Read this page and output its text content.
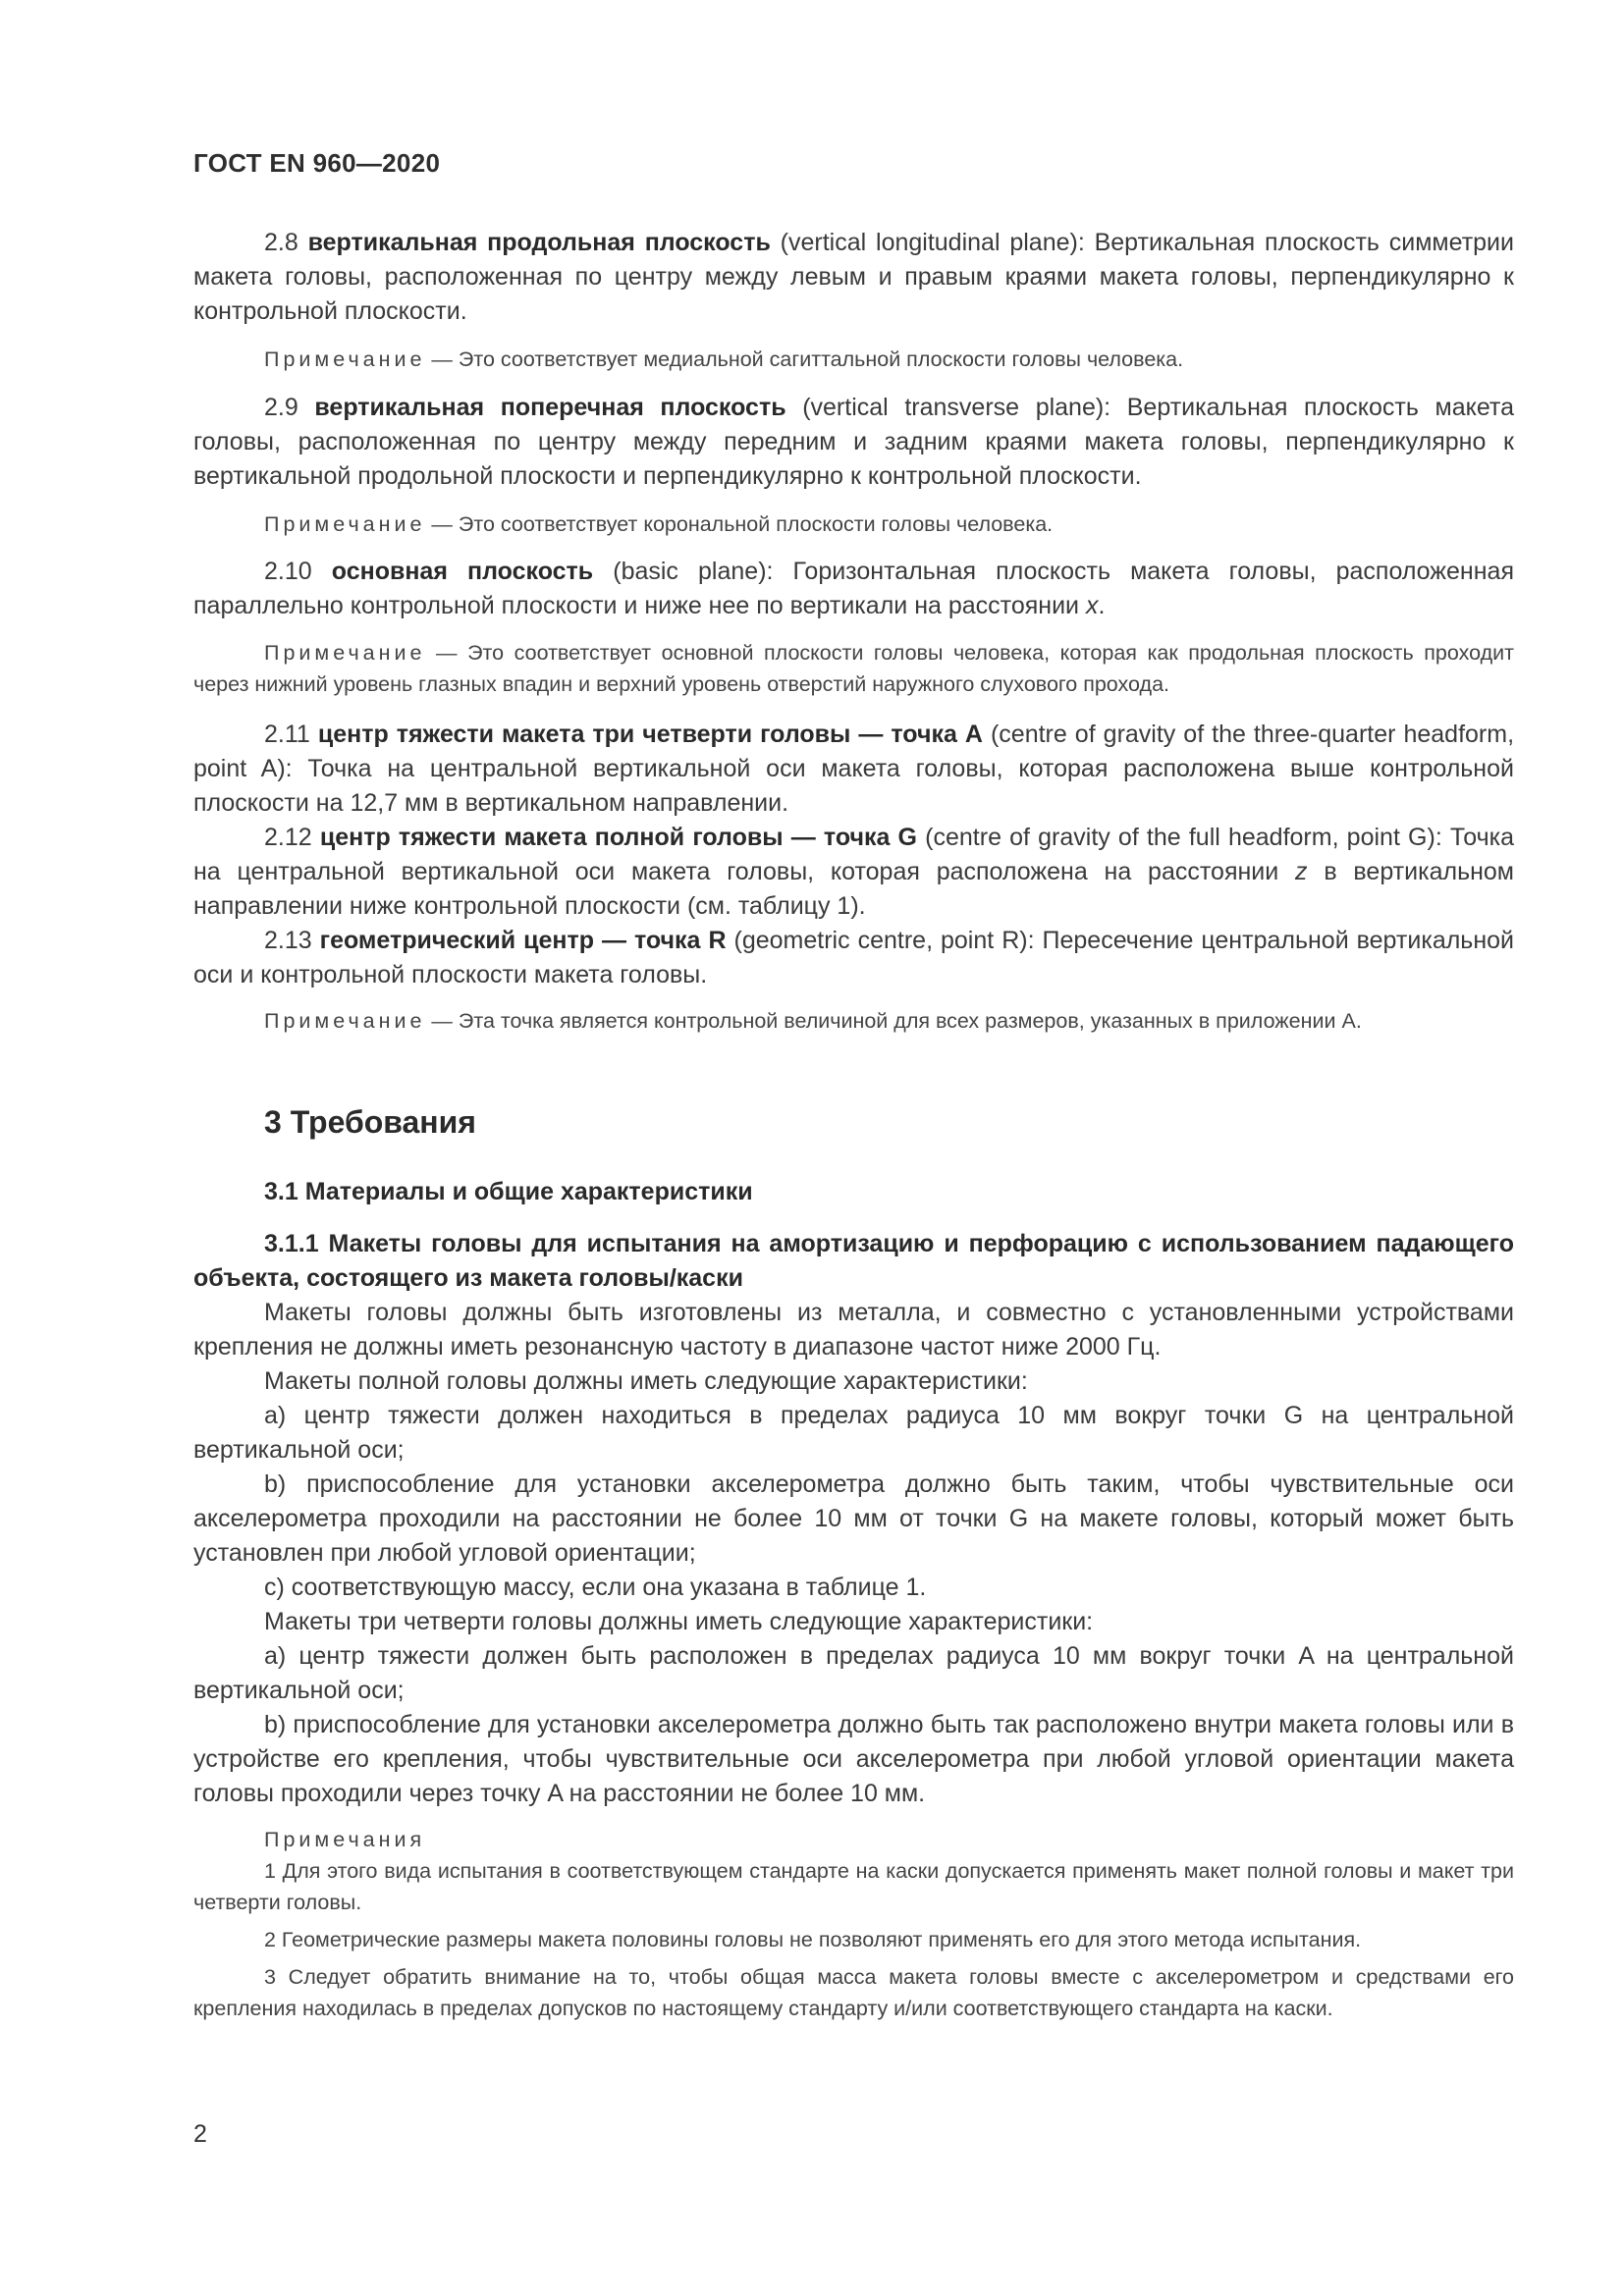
ГОСТ EN 960—2020

2.8 вертикальная продольная плоскость (vertical longitudinal plane): Вертикальная плоскость симметрии макета головы, расположенная по центру между левым и правым краями макета головы, перпендикулярно к контрольной плоскости.

Примечание — Это соответствует медиальной сагиттальной плоскости головы человека.

2.9 вертикальная поперечная плоскость (vertical transverse plane): Вертикальная плоскость макета головы, расположенная по центру между передним и задним краями макета головы, перпендикулярно к вертикальной продольной плоскости и перпендикулярно к контрольной плоскости.

Примечание — Это соответствует корональной плоскости головы человека.

2.10 основная плоскость (basic plane): Горизонтальная плоскость макета головы, расположенная параллельно контрольной плоскости и ниже нее по вертикали на расстоянии x.

Примечание — Это соответствует основной плоскости головы человека, которая как продольная плоскость проходит через нижний уровень глазных впадин и верхний уровень отверстий наружного слухового прохода.

2.11 центр тяжести макета три четверти головы — точка A (centre of gravity of the three-quarter headform, point A): Точка на центральной вертикальной оси макета головы, которая расположена выше контрольной плоскости на 12,7 мм в вертикальном направлении.

2.12 центр тяжести макета полной головы — точка G (centre of gravity of the full headform, point G): Точка на центральной вертикальной оси макета головы, которая расположена на расстоянии z в вертикальном направлении ниже контрольной плоскости (см. таблицу 1).

2.13 геометрический центр — точка R (geometric centre, point R): Пересечение центральной вертикальной оси и контрольной плоскости макета головы.

Примечание — Эта точка является контрольной величиной для всех размеров, указанных в приложении A.

3 Требования

3.1 Материалы и общие характеристики

3.1.1 Макеты головы для испытания на амортизацию и перфорацию с использованием падающего объекта, состоящего из макета головы/каски

Макеты головы должны быть изготовлены из металла, и совместно с установленными устройствами крепления не должны иметь резонансную частоту в диапазоне частот ниже 2000 Гц.

Макеты полной головы должны иметь следующие характеристики:

a) центр тяжести должен находиться в пределах радиуса 10 мм вокруг точки G на центральной вертикальной оси;

b) приспособление для установки акселерометра должно быть таким, чтобы чувствительные оси акселерометра проходили на расстоянии не более 10 мм от точки G на макете головы, который может быть установлен при любой угловой ориентации;

c) соответствующую массу, если она указана в таблице 1.

Макеты три четверти головы должны иметь следующие характеристики:

a) центр тяжести должен быть расположен в пределах радиуса 10 мм вокруг точки A на центральной вертикальной оси;

b) приспособление для установки акселерометра должно быть так расположено внутри макета головы или в устройстве его крепления, чтобы чувствительные оси акселерометра при любой угловой ориентации макета головы проходили через точку A на расстоянии не более 10 мм.

Примечания

1 Для этого вида испытания в соответствующем стандарте на каски допускается применять макет полной головы и макет три четверти головы.

2 Геометрические размеры макета половины головы не позволяют применять его для этого метода испытания.

3 Следует обратить внимание на то, чтобы общая масса макета головы вместе с акселерометром и средствами его крепления находилась в пределах допусков по настоящему стандарту и/или соответствующего стандарта на каски.

2
